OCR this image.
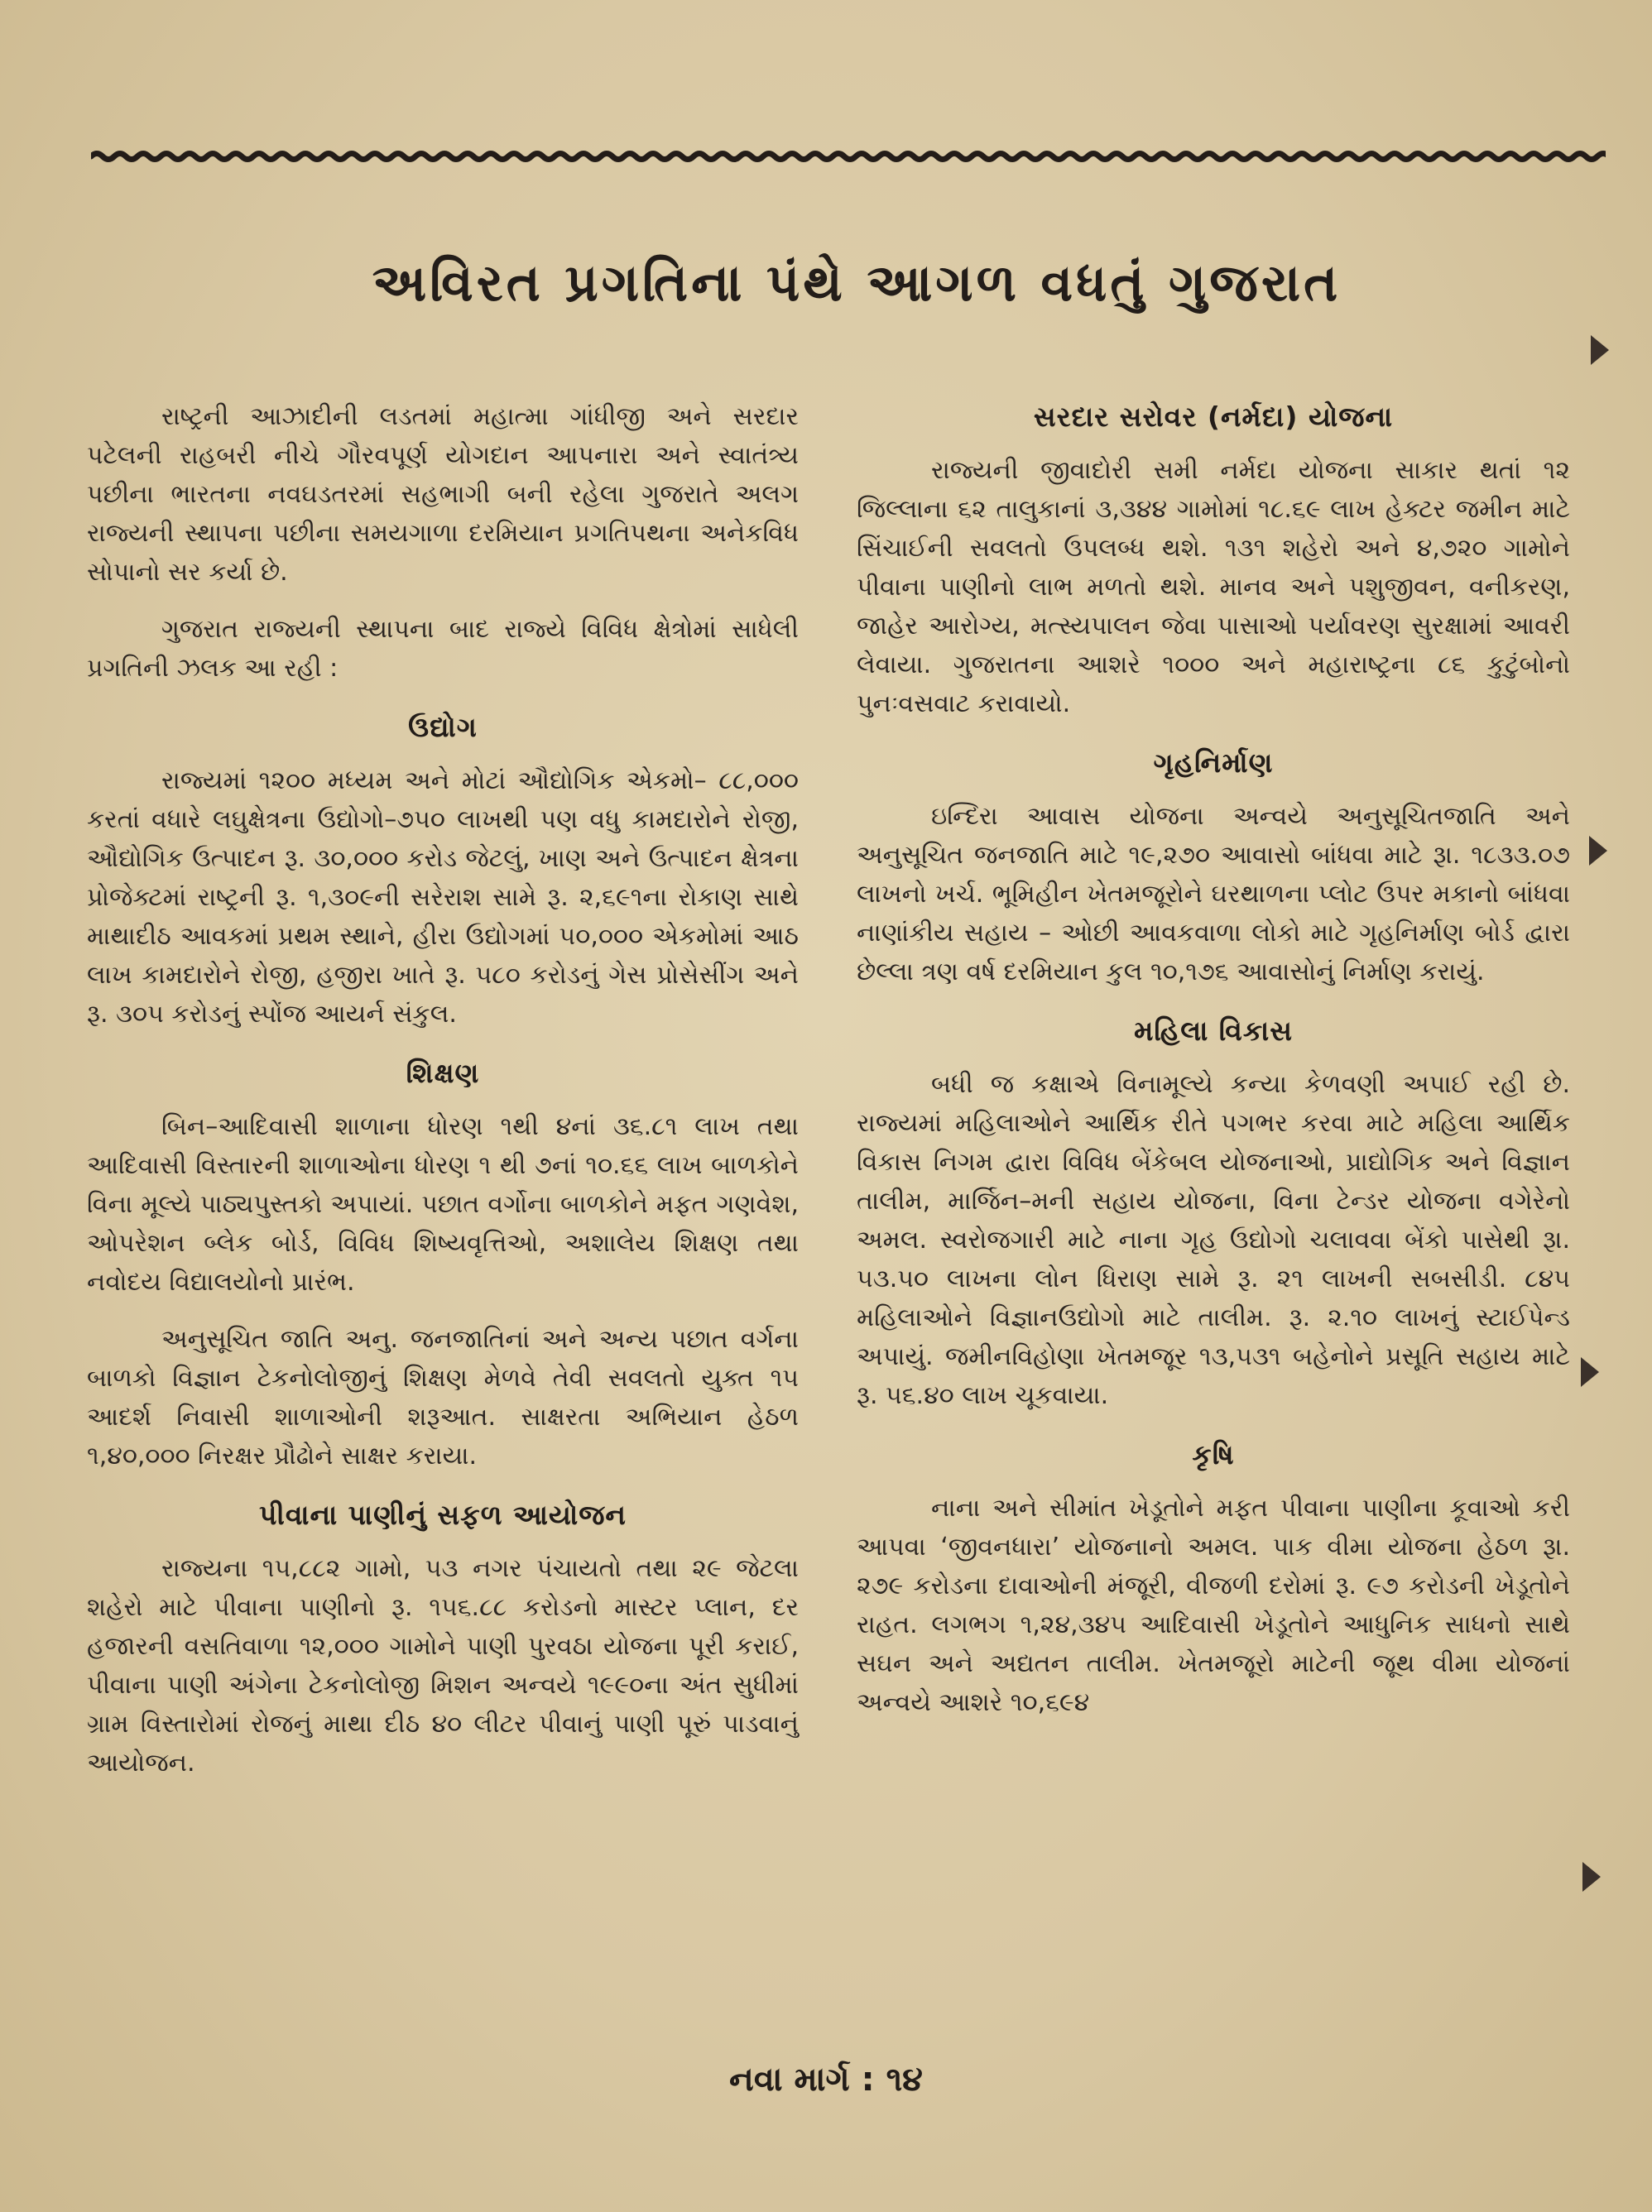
અવિરત પ્રગતિના પંથે આગળ વધતું ગુજરાત

રાષ્ટ્રની આઝાદીની લડતમાં મહાત્મા ગાંધીજી અને સરદાર પટેલની રાહબરી નીચે ગૌરવપૂર્ણ યોગદાન આપનારા અને સ્વાતંત્ર્ય પછીના ભારતના નવઘડતરમાં સહભાગી બની રહેલા ગુજરાતે અલગ રાજ્યની સ્થાપના પછીના સમયગાળા દરમિયાન પ્રગતિપથના અનેકવિધ સોપાનો સર કર્યા છે.

ગુજરાત રાજ્યની સ્થાપના બાદ રાજ્યે વિવિધ ક્ષેત્રોમાં સાધેલી પ્રગતિની ઝલક આ રહી :

ઉદ્યોગ

રાજ્યમાં ૧૨૦૦ મધ્યમ અને મોટાં ઔદ્યોગિક એકમો– ૮૮,૦૦૦ કરતાં વધારે લઘુક્ષેત્રના ઉદ્યોગો–૭૫૦ લાખથી પણ વધુ કામદારોને રોજી, ઔદ્યોગિક ઉત્પાદન રૂ. ૩૦,૦૦૦ કરોડ જેટલું, ખાણ અને ઉત્પાદન ક્ષેત્રના પ્રોજેક્ટમાં રાષ્ટ્રની રૂ. ૧,૩૦૯ની સરેરાશ સામે રૂ. ૨,૬૯૧ના રોકાણ સાથે માથાદીઠ આવકમાં પ્રથમ સ્થાને, હીરા ઉદ્યોગમાં ૫૦,૦૦૦ એકમોમાં આઠ લાખ કામદારોને રોજી, હજીરા ખાતે રૂ. ૫૮૦ કરોડનું ગેસ પ્રોસેસીંગ અને રૂ. ૩૦૫ કરોડનું સ્પોંજ આયર્ન સંકુલ.

શિક્ષણ

બિન–આદિવાસી શાળાના ધોરણ ૧થી ૪નાં ૩૬.૮૧ લાખ તથા આદિવાસી વિસ્તારની શાળાઓના ધોરણ ૧ થી ૭નાં ૧૦.૬૬ લાખ બાળકોને વિના મૂલ્યે પાઠ્યપુસ્તકો અપાયાં. પછાત વર્ગોના બાળકોને મફત ગણવેશ, ઓપરેશન બ્લેક બોર્ડ, વિવિધ શિષ્યવૃત્તિઓ, અશાલેય શિક્ષણ તથા નવોદય વિદ્યાલયોનો પ્રારંભ.

અનુસૂચિત જાતિ અનુ. જનજાતિનાં અને અન્ય પછાત વર્ગના બાળકો વિજ્ઞાન ટેકનોલોજીનું શિક્ષણ મેળવે તેવી સવલતો યુક્ત ૧૫ આદર્શ નિવાસી શાળાઓની શરૂઆત. સાક્ષરતા અભિયાન હેઠળ ૧,૪૦,૦૦૦ નિરક્ષર પ્રૌઢોને સાક્ષર કરાયા.

પીવાના પાણીનું સફળ આયોજન

રાજ્યના ૧૫,૮૮૨ ગામો, ૫૩ નગર પંચાયતો તથા ૨૯ જેટલા શહેરો માટે પીવાના પાણીનો રૂ. ૧૫૬.૮૮ કરોડનો માસ્ટર પ્લાન, દર હજારની વસતિવાળા ૧૨,૦૦૦ ગામોને પાણી પુરવઠા યોજના પૂરી કરાઈ, પીવાના પાણી અંગેના ટેકનોલોજી મિશન અન્વયે ૧૯૯૦ના અંત સુધીમાં ગ્રામ વિસ્તારોમાં રોજનું માથા દીઠ ૪૦ લીટર પીવાનું પાણી પૂરું પાડવાનું આયોજન.

સરદાર સરોવર (નર્મદા) યોજના

રાજ્યની જીવાદોરી સમી નર્મદા યોજના સાકાર થતાં ૧૨ જિલ્લાના ૬૨ તાલુકાનાં ૩,૩૪૪ ગામોમાં ૧૮.૬૯ લાખ હેક્ટર જમીન માટે સિંચાઈની સવલતો ઉપલબ્ધ થશે. ૧૩૧ શહેરો અને ૪,૭૨૦ ગામોને પીવાના પાણીનો લાભ મળતો થશે. માનવ અને પશુજીવન, વનીકરણ, જાહેર આરોગ્ય, મત્સ્યપાલન જેવા પાસાઓ પર્યાવરણ સુરક્ષામાં આવરી લેવાયા. ગુજરાતના આશરે ૧૦૦૦ અને મહારાષ્ટ્રના ૮૬ કુટુંબોનો પુનઃવસવાટ કરાવાયો.

ગૃહનિર્માણ

ઇન્દિરા આવાસ યોજના અન્વયે અનુસૂચિતજાતિ અને અનુસૂચિત જનજાતિ માટે ૧૯,૨૭૦ આવાસો બાંધવા માટે રૂા. ૧૮૩૩.૦૭ લાખનો ખર્ચ. ભૂમિહીન ખેતમજૂરોને ઘરથાળના પ્લોટ ઉપર મકાનો બાંધવા નાણાંકીય સહાય – ઓછી આવકવાળા લોકો માટે ગૃહનિર્માણ બોર્ડ દ્વારા છેલ્લા ત્રણ વર્ષ દરમિયાન કુલ ૧૦,૧૭૬ આવાસોનું નિર્માણ કરાયું.

મહિલા વિકાસ

બધી જ કક્ષાએ વિનામૂલ્યે કન્યા કેળવણી અપાઈ રહી છે. રાજ્યમાં મહિલાઓને આર્થિક રીતે પગભર કરવા માટે મહિલા આર્થિક વિકાસ નિગમ દ્વારા વિવિધ બેંકેબલ યોજનાઓ, પ્રાદ્યોગિક અને વિજ્ઞાન તાલીમ, માર્જિન–મની સહાય યોજના, વિના ટેન્ડર યોજના વગેરેનો અમલ. સ્વરોજગારી માટે નાના ગૃહ ઉદ્યોગો ચલાવવા બેંકો પાસેથી રૂા. ૫૩.૫૦ લાખના લોન ધિરાણ સામે રૂ. ૨૧ લાખની સબસીડી. ૮૪૫ મહિલાઓને વિજ્ઞાનઉદ્યોગો માટે તાલીમ. રૂ. ૨.૧૦ લાખનું સ્ટાઈપેન્ડ અપાયું. જમીનવિહોણા ખેતમજૂર ૧૩,૫૩૧ બહેનોને પ્રસૂતિ સહાય માટે રૂ. ૫૬.૪૦ લાખ ચૂકવાયા.

કૃષિ

નાના અને સીમાંત ખેડૂતોને મફત પીવાના પાણીના કૂવાઓ કરી આપવા ‘જીવનધારા’ યોજનાનો અમલ. પાક વીમા યોજના હેઠળ રૂા. ૨૭૯ કરોડના દાવાઓની મંજૂરી, વીજળી દરોમાં રૂ. ૯૭ કરોડની ખેડૂતોને રાહત. લગભગ ૧,૨૪,૩૪૫ આદિવાસી ખેડૂતોને આધુનિક સાધનો સાથે સઘન અને અદ્યતન તાલીમ. ખેતમજૂરો માટેની જૂથ વીમા યોજનાં અન્વયે આશરે ૧૦,૬૯૪

નવા માર્ગ : ૧૪
